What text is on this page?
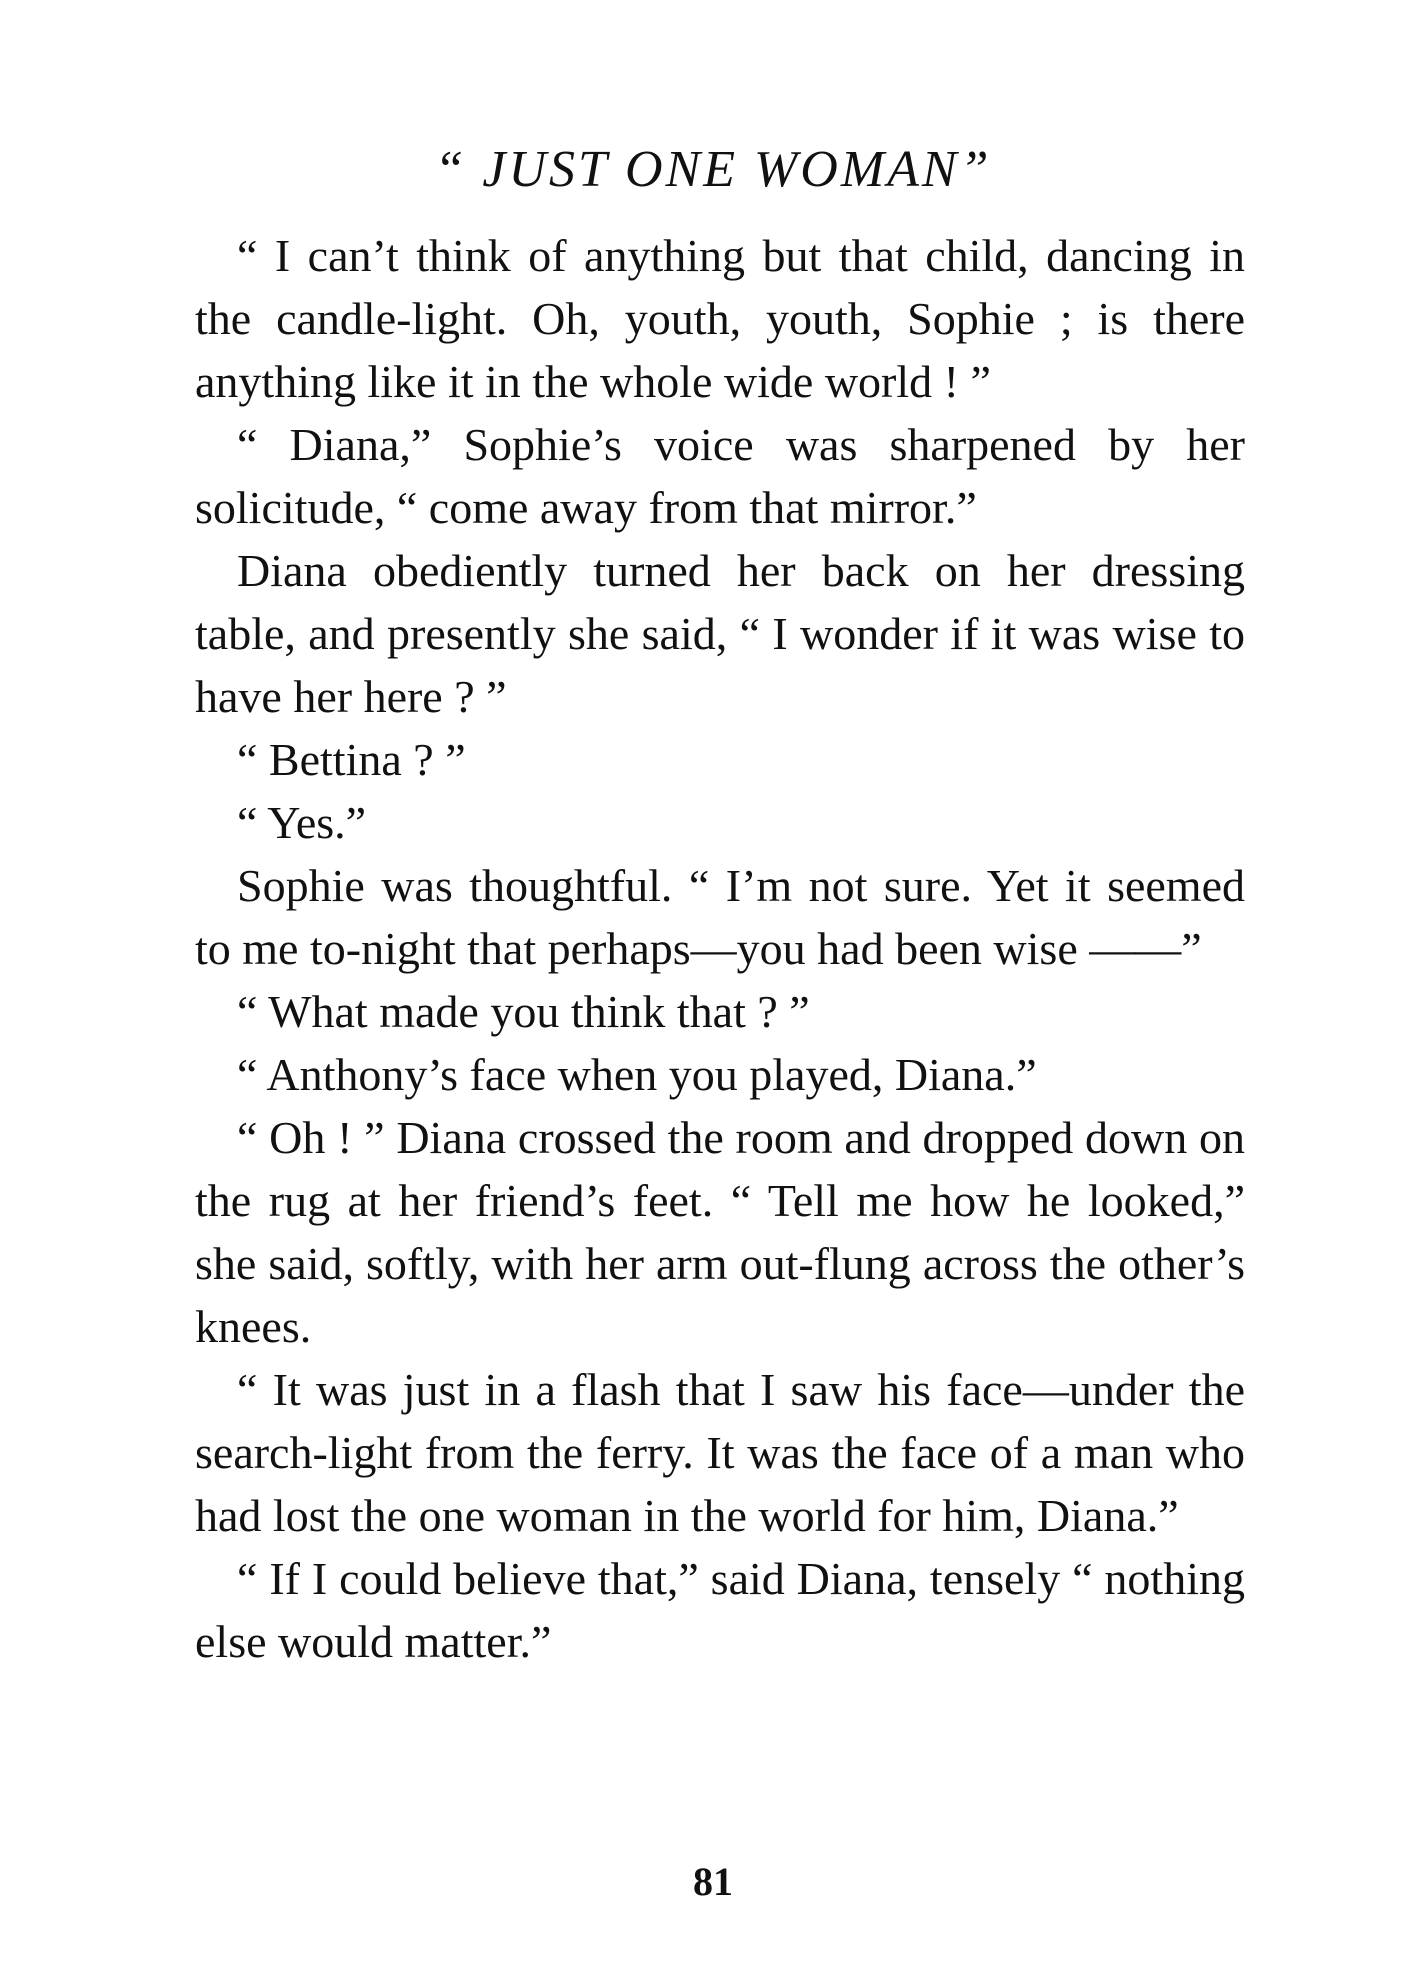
“ JUST ONE WOMAN”

“ I can’t think of anything but that child, dancing in the candle-light. Oh, youth, youth, Sophie ; is there anything like it in the whole wide world ! ”

“ Diana,” Sophie’s voice was sharpened by her solicitude, “ come away from that mirror.”

Diana obediently turned her back on her dressing table, and presently she said, “ I wonder if it was wise to have her here ? ”

“ Bettina ? ”

“ Yes.”

Sophie was thoughtful. “ I’m not sure. Yet it seemed to me to-night that perhaps—you had been wise ——”

“ What made you think that ? ”

“ Anthony’s face when you played, Diana.”

“ Oh ! ” Diana crossed the room and dropped down on the rug at her friend’s feet. “ Tell me how he looked,” she said, softly, with her arm out-flung across the other’s knees.

“ It was just in a flash that I saw his face—under the search-light from the ferry. It was the face of a man who had lost the one woman in the world for him, Diana.”

“ If I could believe that,” said Diana, tensely “ nothing else would matter.”

81
